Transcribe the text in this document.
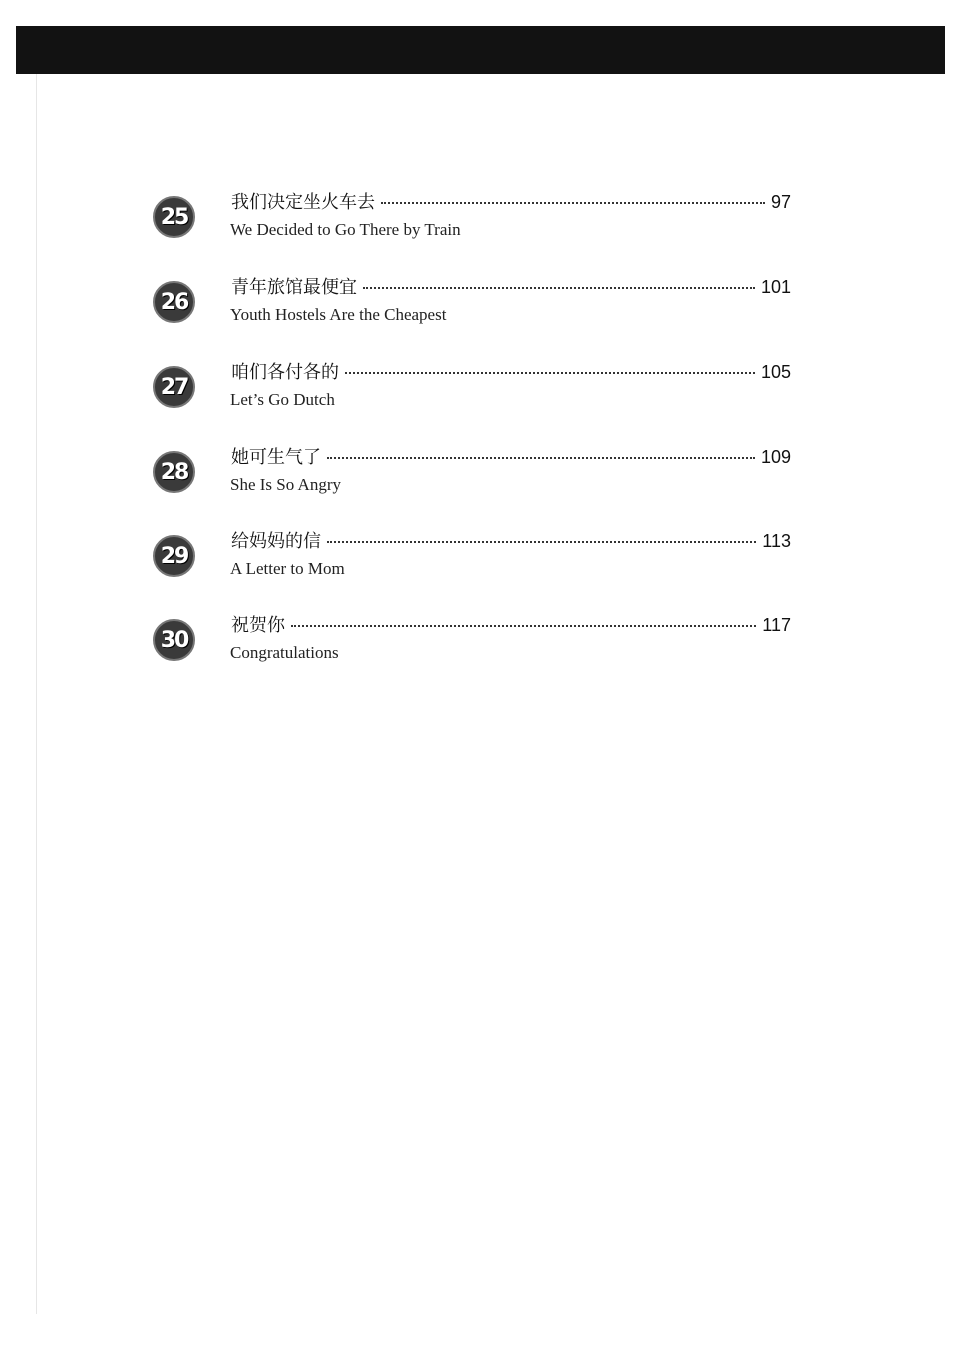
25
我们决定坐火车去	97
We Decided to Go There by Train
26
青年旅馆最便宜	101
Youth Hostels Are the Cheapest
27
咱们各付各的	105
Let’s Go Dutch
28
她可生气了	109
She Is So Angry
29
给妈妈的信	113
A Letter to Mom
30
祝贺你	117
Congratulations
